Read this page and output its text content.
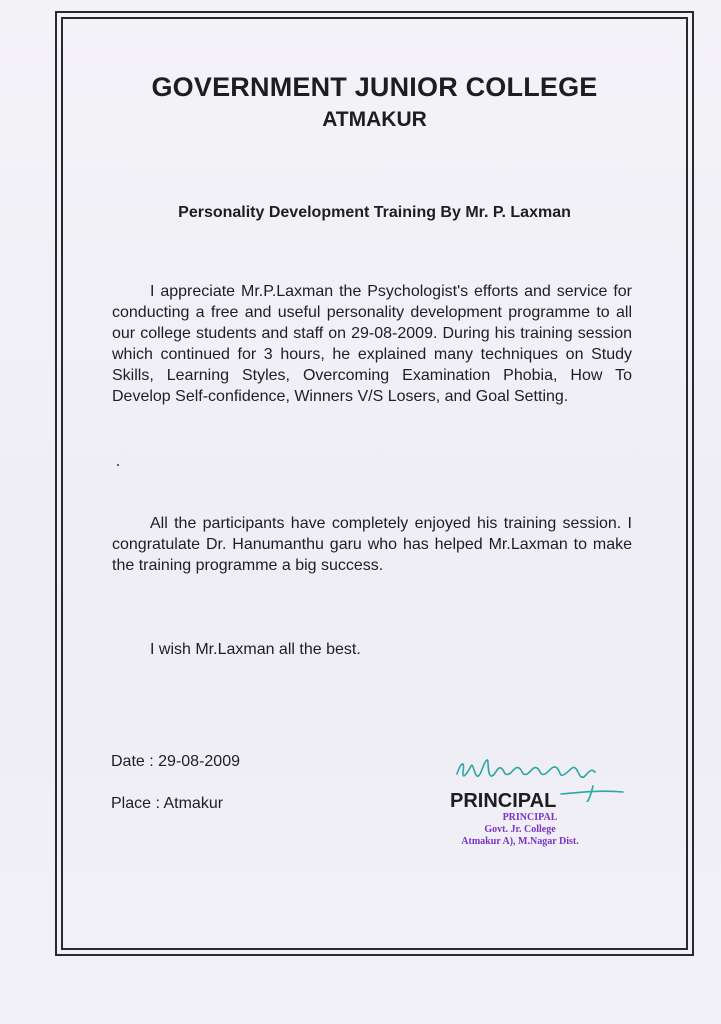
GOVERNMENT JUNIOR COLLEGE
ATMAKUR
Personality Development Training By Mr. P. Laxman

I appreciate Mr.P.Laxman the Psychologist's efforts and service for conducting a free and useful personality development programme to all our college students and staff on 29-08-2009. During his training session which continued for 3 hours, he explained many techniques on Study Skills, Learning Styles, Overcoming Examination Phobia, How To Develop Self-confidence, Winners V/S Losers, and Goal Setting.

All the participants have completely enjoyed his training session. I congratulate Dr. Hanumanthu garu who has helped Mr.Laxman to make the training programme a big success.

I wish Mr.Laxman all the best.

Date : 29-08-2009

Place : Atmakur	PRINCIPAL

PRINCIPAL
Govt. Jr. College
Atmakur A), M.Nagar Dist.
